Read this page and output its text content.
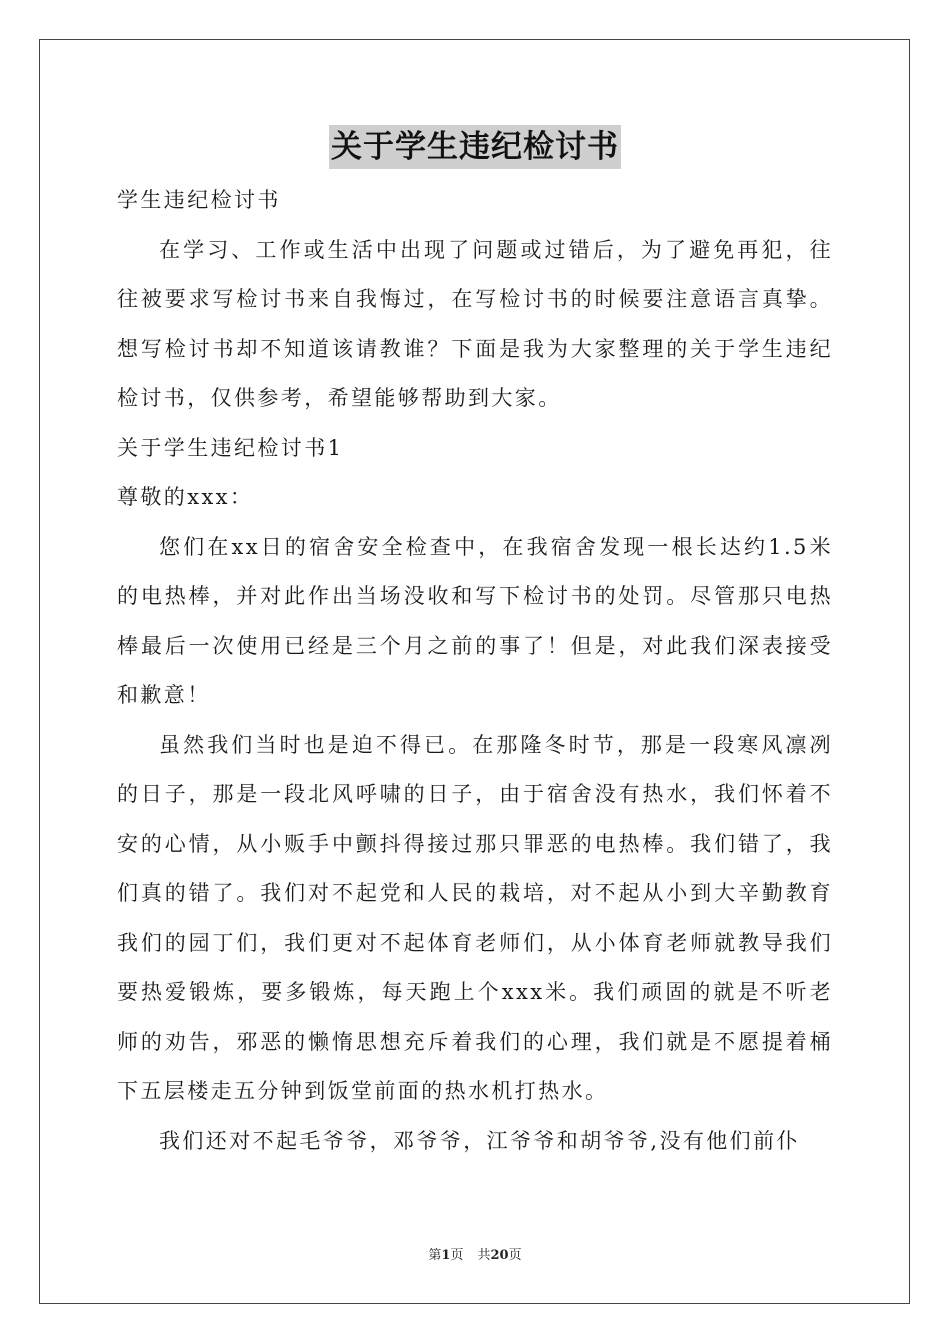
关于学生违纪检讨书

学生违纪检讨书

在学习、工作或生活中出现了问题或过错后，为了避免再犯，往往被要求写检讨书来自我悔过，在写检讨书的时候要注意语言真挚。想写检讨书却不知道该请教谁？下面是我为大家整理的关于学生违纪检讨书，仅供参考，希望能够帮助到大家。

关于学生违纪检讨书1

尊敬的xxx：

您们在xx日的宿舍安全检查中，在我宿舍发现一根长达约1.5米的电热棒，并对此作出当场没收和写下检讨书的处罚。尽管那只电热棒最后一次使用已经是三个月之前的事了！但是，对此我们深表接受和歉意！

虽然我们当时也是迫不得已。在那隆冬时节，那是一段寒风凛冽的日子，那是一段北风呼啸的日子，由于宿舍没有热水，我们怀着不安的心情，从小贩手中颤抖得接过那只罪恶的电热棒。我们错了，我们真的错了。我们对不起党和人民的栽培，对不起从小到大辛勤教育我们的园丁们，我们更对不起体育老师们，从小体育老师就教导我们要热爱锻炼，要多锻炼，每天跑上个xxx米。我们顽固的就是不听老师的劝告，邪恶的懒惰思想充斥着我们的心理，我们就是不愿提着桶下五层楼走五分钟到饭堂前面的热水机打热水。

我们还对不起毛爷爷，邓爷爷，江爷爷和胡爷爷,没有他们前仆

第1页 共20页
